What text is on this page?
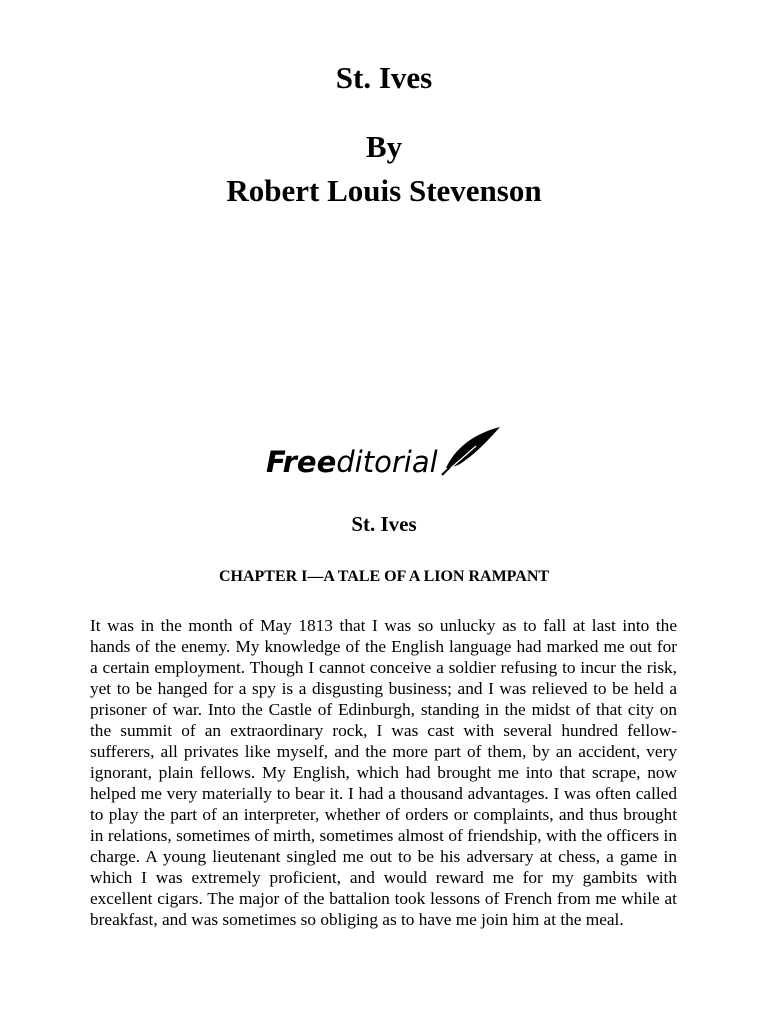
St. Ives
By
Robert Louis Stevenson
Freeditorial
St. Ives
CHAPTER I—A TALE OF A LION RAMPANT

It was in the month of May 1813 that I was so unlucky as to fall at last into the hands of the enemy. My knowledge of the English language had marked me out for a certain employment. Though I cannot conceive a soldier refusing to incur the risk, yet to be hanged for a spy is a disgusting business; and I was relieved to be held a prisoner of war. Into the Castle of Edinburgh, standing in the midst of that city on the summit of an extraordinary rock, I was cast with several hundred fellow-sufferers, all privates like myself, and the more part of them, by an accident, very ignorant, plain fellows. My English, which had brought me into that scrape, now helped me very materially to bear it. I had a thousand advantages. I was often called to play the part of an interpreter, whether of orders or complaints, and thus brought in relations, sometimes of mirth, sometimes almost of friendship, with the officers in charge. A young lieutenant singled me out to be his adversary at chess, a game in which I was extremely proficient, and would reward me for my gambits with excellent cigars. The major of the battalion took lessons of French from me while at breakfast, and was sometimes so obliging as to have me join him at the meal.
